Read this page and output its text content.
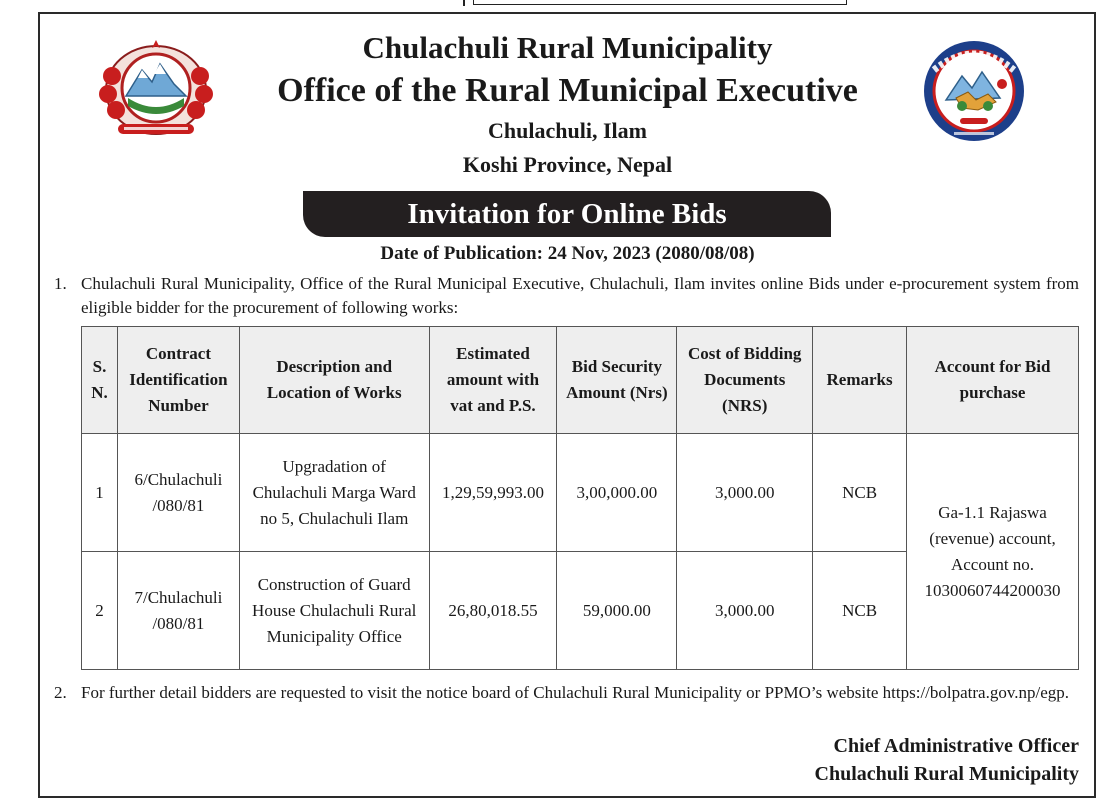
Chulachuli Rural Municipality
Office of the Rural Municipal Executive
Chulachuli, Ilam
Koshi Province, Nepal
Invitation for Online Bids
Date of Publication: 24 Nov, 2023 (2080/08/08)
1. Chulachuli Rural Municipality, Office of the Rural Municipal Executive, Chulachuli, Ilam invites online Bids under e-procurement system from eligible bidder for the procurement of following works:
S. N.	Contract Identification Number	Description and Location of Works	Estimated amount with vat and P.S.	Bid Security Amount (Nrs)	Cost of Bidding Documents (NRS)	Remarks	Account for Bid purchase
1	6/Chulachuli /080/81	Upgradation of Chulachuli Marga Ward no 5, Chulachuli Ilam	1,29,59,993.00	3,00,000.00	3,000.00	NCB	Ga-1.1 Rajaswa (revenue) account, Account no. 1030060744200030
2	7/Chulachuli /080/81	Construction of Guard House Chulachuli Rural Municipality Office	26,80,018.55	59,000.00	3,000.00	NCB	
2. For further detail bidders are requested to visit the notice board of Chulachuli Rural Municipality or PPMO’s website https://bolpatra.gov.np/egp.
Chief Administrative Officer
Chulachuli Rural Municipality
